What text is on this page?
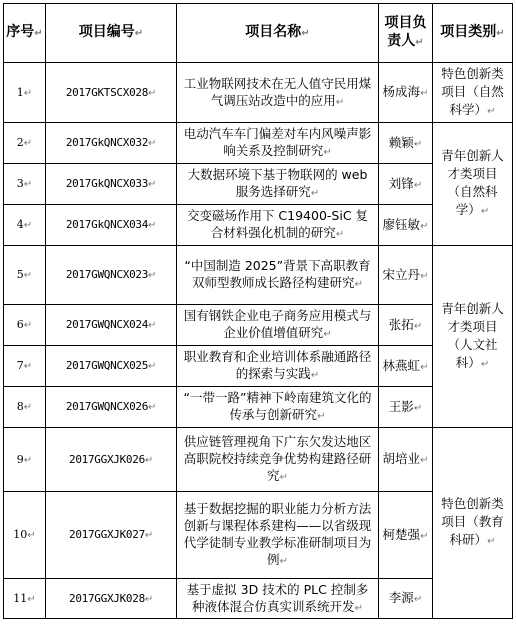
序号↵	项目编号↵	项目名称↵	项目负责人↵	项目类别↵
1↵	2017GKTSCX028↵	工业物联网技术在无人值守民用煤气调压站改造中的应用↵	杨成海↵	特色创新类项目（自然科学）↵
2↵	2017GkQNCX032↵	电动汽车车门偏差对车内风噪声影响关系及控制研究↵	赖颖↵	青年创新人才类项目（自然科学）↵
3↵	2017GkQNCX033↵	大数据环境下基于物联网的 web 服务选择研究↵	刘锋↵	
4↵	2017GkQNCX034↵	交变磁场作用下 C19400-SiC 复合材料强化机制的研究↵	廖钰敏↵	
5↵	2017GWQNCX023↵	“中国制造 2025”背景下高职教育双师型教师成长路径构建研究↵	宋立丹↵	青年创新人才类项目（人文社科）↵
6↵	2017GWQNCX024↵	国有钢铁企业电子商务应用模式与企业价值增值研究↵	张拓↵	
7↵	2017GWQNCX025↵	职业教育和企业培训体系融通路径的探索与实践↵	林燕虹↵	
8↵	2017GWQNCX026↵	“一带一路”精神下岭南建筑文化的传承与创新研究↵	王影↵	
9↵	2017GGXJK026↵	供应链管理视角下广东欠发达地区高职院校持续竞争优势构建路径研究↵	胡培业↵	特色创新类项目（教育科研）↵
10↵	2017GGXJK027↵	基于数据挖掘的职业能力分析方法创新与课程体系建构——以省级现代学徒制专业教学标准研制项目为例↵	柯楚强↵	
11↵	2017GGXJK028↵	基于虚拟 3D 技术的 PLC 控制多种液体混合仿真实训系统开发↵	李源↵	
